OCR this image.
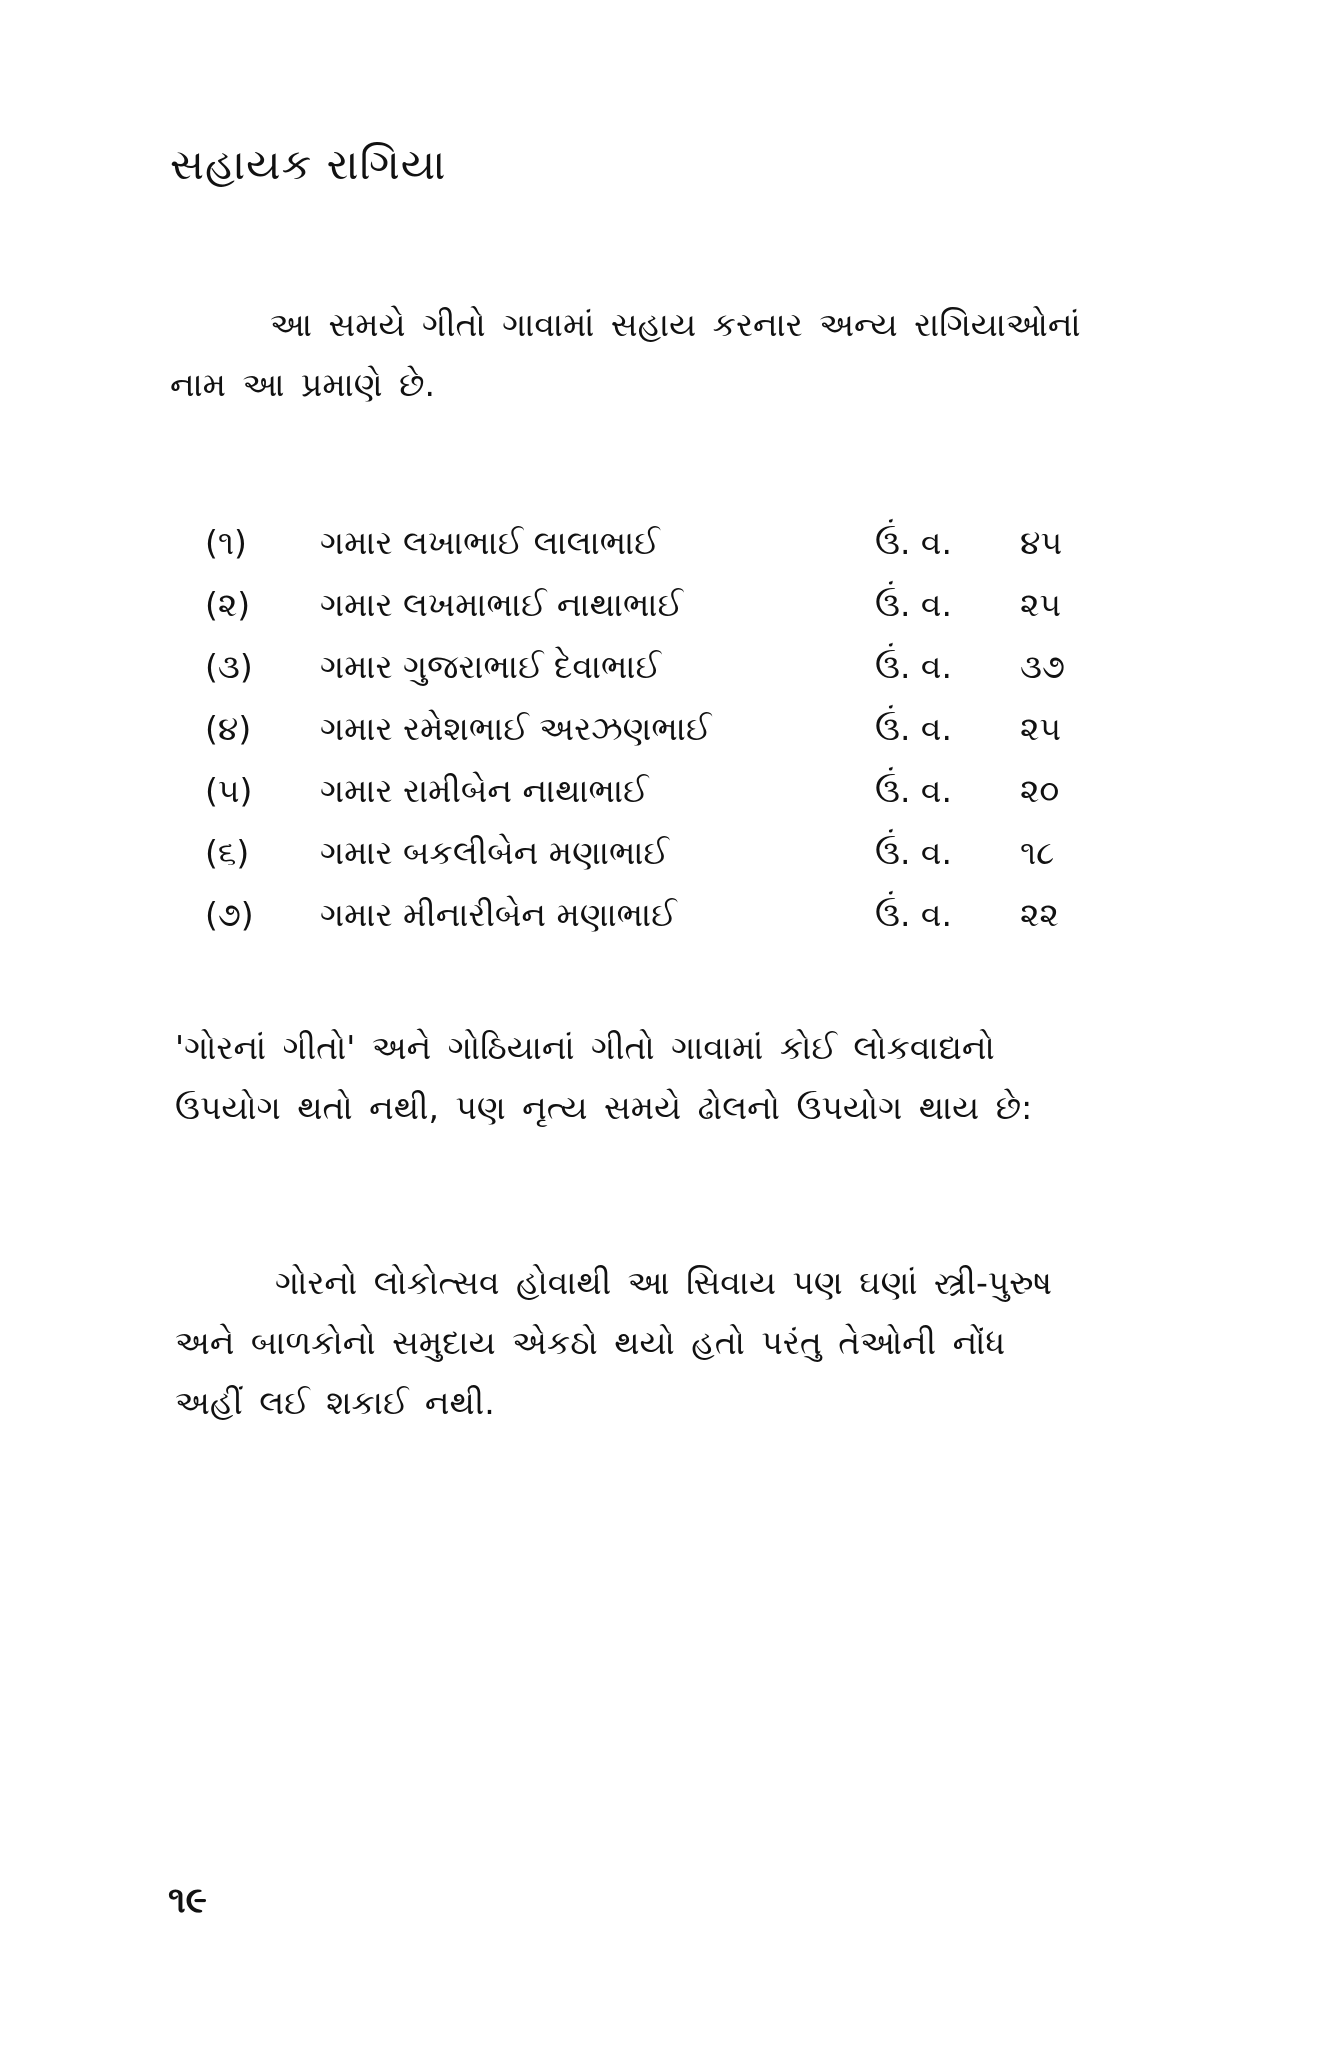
સહાયક રાગિયા
આ સમયે ગીતો ગાવામાં સહાય કરનાર અન્ય રાગિયાઓનાં
નામ આ પ્રમાણે છે.
(૧)	ગમાર લખાભાઈ લાલાભાઈ	ઉં. વ. ૪૫
(૨)	ગમાર લખમાભાઈ નાથાભાઈ	ઉં. વ. ૨૫
(૩)	ગમાર ગુજરાભાઈ દેવાભાઈ	ઉં. વ. ૩૭
(૪)	ગમાર રમેશભાઈ અરઝણભાઈ	ઉં. વ. ૨૫
(૫)	ગમાર રામીબેન નાથાભાઈ	ઉં. વ. ૨૦
(૬)	ગમાર બકલીબેન મણાભાઈ	ઉં. વ. ૧૮
(૭)	ગમાર મીનારીબેન મણાભાઈ	ઉં. વ. ૨૨
'ગોરનાં ગીતો' અને ગોઠિયાનાં ગીતો ગાવામાં કોઈ લોકવાદ્યનો
ઉપયોગ થતો નથી, પણ નૃત્ય સમયે ઢોલનો ઉપયોગ થાય છે:
ગોરનો લોકોત્સવ હોવાથી આ સિવાય પણ ઘણાં સ્ત્રી-પુરુષ
અને બાળકોનો સમુદાય એકઠો થયો હતો પરંતુ તેઓની નોંધ
અહીં લઈ શકાઈ નથી.
૧૯
